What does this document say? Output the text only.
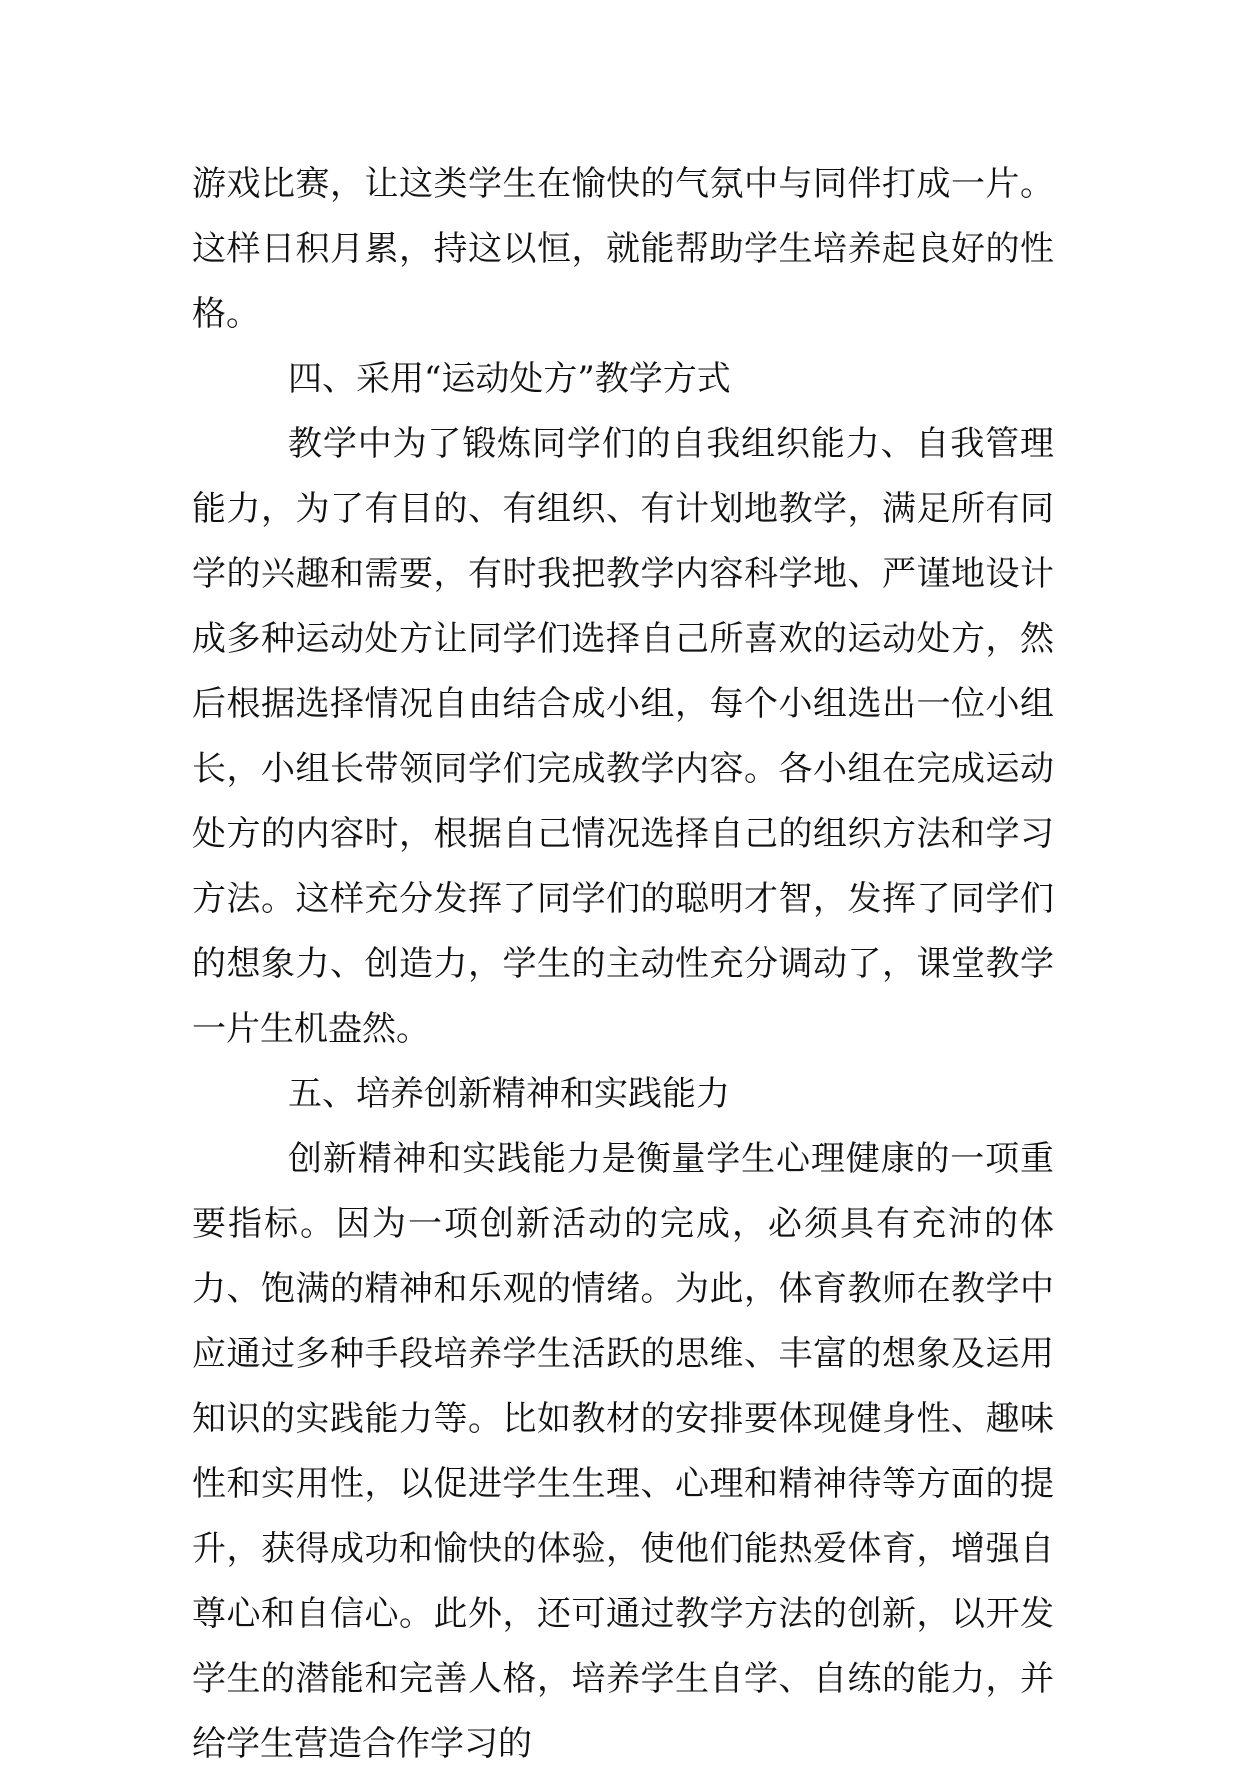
游戏比赛，让这类学生在愉快的气氛中与同伴打成一片。这样日积月累，持这以恒，就能帮助学生培养起良好的性格。

四、采用“运动处方”教学方式

教学中为了锻炼同学们的自我组织能力、自我管理能力，为了有目的、有组织、有计划地教学，满足所有同学的兴趣和需要，有时我把教学内容科学地、严谨地设计成多种运动处方让同学们选择自己所喜欢的运动处方，然后根据选择情况自由结合成小组，每个小组选出一位小组长，小组长带领同学们完成教学内容。各小组在完成运动处方的内容时，根据自己情况选择自己的组织方法和学习方法。这样充分发挥了同学们的聪明才智，发挥了同学们的想象力、创造力，学生的主动性充分调动了，课堂教学一片生机盎然。

五、培养创新精神和实践能力

创新精神和实践能力是衡量学生心理健康的一项重要指标。因为一项创新活动的完成，必须具有充沛的体力、饱满的精神和乐观的情绪。为此，体育教师在教学中应通过多种手段培养学生活跃的思维、丰富的想象及运用知识的实践能力等。比如教材的安排要体现健身性、趣味性和实用性，以促进学生生理、心理和精神待等方面的提升，获得成功和愉快的体验，使他们能热爱体育，增强自尊心和自信心。此外，还可通过教学方法的创新，以开发学生的潜能和完善人格，培养学生自学、自练的能力，并给学生营造合作学习的
